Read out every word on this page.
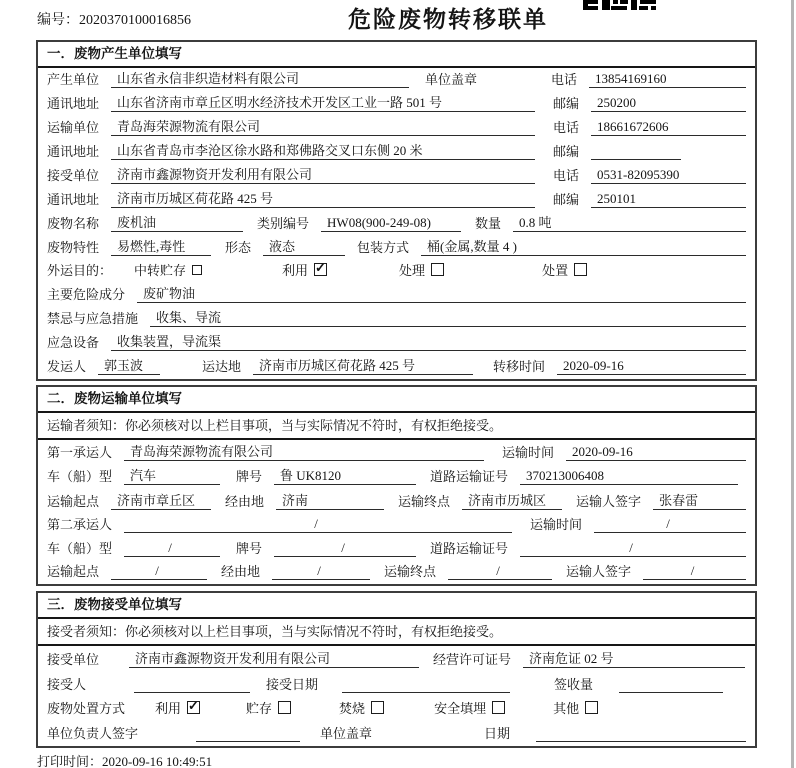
编号：2020370100016856	危险废物转移联单
一．废物产生单位填写
产生单位	山东省永信非织造材料有限公司	单位盖章	电话	13854169160
通讯地址	山东省济南市章丘区明水经济技术开发区工业一路 501 号	邮编	250200
运输单位	青岛海荣源物流有限公司	电话	18661672606
通讯地址	山东省青岛市李沧区徐水路和郑佛路交叉口东侧 20 米	邮编
接受单位	济南市鑫源物资开发利用有限公司	电话	0531-82095390
通讯地址	济南市历城区荷花路 425 号	邮编	250101
废物名称	废机油	类别编号	HW08(900-249-08)	数量	0.8 吨
废物特性	易燃性,毒性	形态	液态	包装方式	桶(金属,数量 4 )
外运目的： 中转贮存	利用 ✓	处理	处置
主要危险成分	废矿物油
禁忌与应急措施	收集、导流
应急设备	收集装置，导流渠
发运人	郭玉波	运达地	济南市历城区荷花路 425 号	转移时间	2020-09-16
二．废物运输单位填写
运输者须知： 你必须核对以上栏目事项，当与实际情况不符时，有权拒绝接受。
第一承运人	青岛海荣源物流有限公司	运输时间	2020-09-16
车（船）型	汽车	牌号	鲁 UK8120	道路运输证号	370213006408
运输起点	济南市章丘区	经由地	济南	运输终点	济南市历城区	运输人签字	张春雷
第二承运人	/	运输时间	/
车（船）型	/	牌号	/	道路运输证号	/
运输起点	/	经由地	/	运输终点	/	运输人签字	/
三．废物接受单位填写
接受者须知： 你必须核对以上栏目事项，当与实际情况不符时，有权拒绝接受。
接受单位	济南市鑫源物资开发利用有限公司	经营许可证号	济南危证 02 号
接受人	接受日期	签收量
废物处置方式 利用 ✓	贮存	焚烧	安全填埋	其他
单位负责人签字	单位盖章	日期
打印时间：2020-09-16 10:49:51
